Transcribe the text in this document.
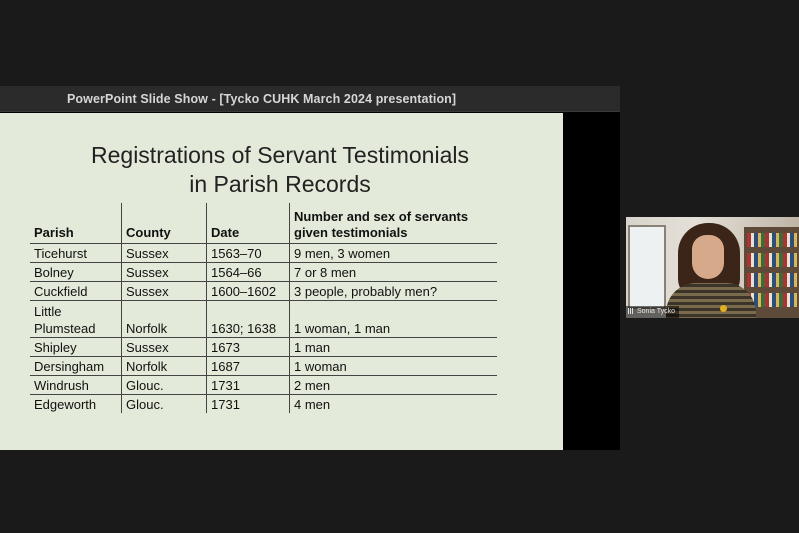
PowerPoint Slide Show - [Tycko CUHK March 2024 presentation]
Registrations of Servant Testimonials
in Parish Records
Parish	County	Date	Number and sex of servants
given testimonials

Ticehurst	Sussex	1563–70	9 men, 3 women
Bolney	Sussex	1564–66	7 or 8 men
Cuckfield	Sussex	1600–1602	3 people, probably men?

Little
Plumstead	Norfolk	1630; 1638	1 woman, 1 man
Shipley	Sussex	1673	1 man
Dersingham	Norfolk	1687	1 woman
Windrush	Glouc.	1731	2 men
Edgeworth	Glouc.	1731	4 men
Sonia Tycko
